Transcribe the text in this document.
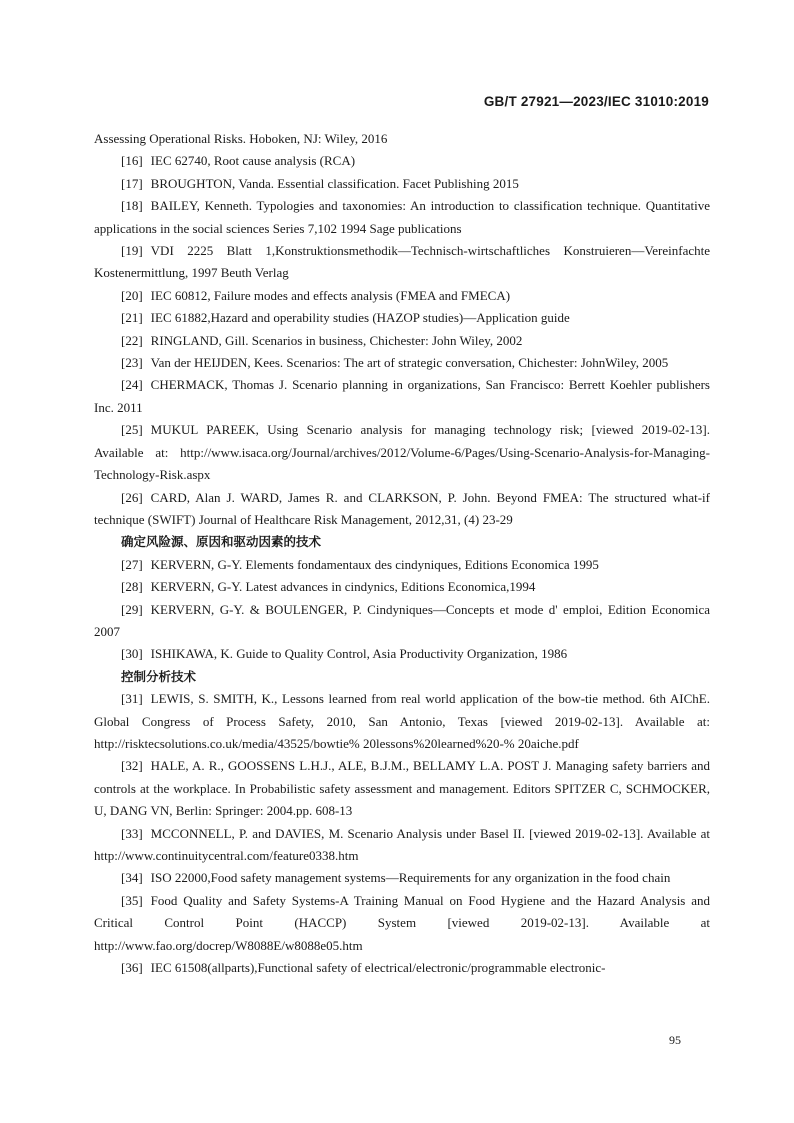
GB/T 27921—2023/IEC 31010:2019

Assessing Operational Risks. Hoboken, NJ: Wiley, 2016

[16] IEC 62740, Root cause analysis (RCA)

[17] BROUGHTON, Vanda. Essential classification. Facet Publishing 2015

[18] BAILEY, Kenneth. Typologies and taxonomies: An introduction to classification technique. Quantitative applications in the social sciences Series 7,102 1994 Sage publications

[19] VDI 2225 Blatt 1,Konstruktionsmethodik—Technisch-wirtschaftliches Konstruieren—Vereinfachte Kostenermittlung, 1997 Beuth Verlag

[20] IEC 60812, Failure modes and effects analysis (FMEA and FMECA)

[21] IEC 61882,Hazard and operability studies (HAZOP studies)—Application guide

[22] RINGLAND, Gill. Scenarios in business, Chichester: John Wiley, 2002

[23] Van der HEIJDEN, Kees. Scenarios: The art of strategic conversation, Chichester: JohnWiley, 2005

[24] CHERMACK, Thomas J. Scenario planning in organizations, San Francisco: Berrett Koehler publishers Inc. 2011

[25] MUKUL PAREEK, Using Scenario analysis for managing technology risk; [viewed 2019-02-13]. Available at: http://www.isaca.org/Journal/archives/2012/Volume-6/Pages/Using-Scenario-Analysis-for-Managing-Technology-Risk.aspx

[26] CARD, Alan J. WARD, James R. and CLARKSON, P. John. Beyond FMEA: The structured what-if technique (SWIFT) Journal of Healthcare Risk Management, 2012,31, (4) 23-29

确定风险源、原因和驱动因素的技术

[27] KERVERN, G-Y. Elements fondamentaux des cindyniques, Editions Economica 1995

[28] KERVERN, G-Y. Latest advances in cindynics, Editions Economica,1994

[29] KERVERN, G-Y. & BOULENGER, P. Cindyniques—Concepts et mode d' emploi, Edition Economica 2007

[30] ISHIKAWA, K. Guide to Quality Control, Asia Productivity Organization, 1986

控制分析技术

[31] LEWIS, S. SMITH, K., Lessons learned from real world application of the bow-tie method. 6th AIChE. Global Congress of Process Safety, 2010, San Antonio, Texas [viewed 2019-02-13]. Available at: http://risktecsolutions.co.uk/media/43525/bowtie% 20lessons%20learned%20-% 20aiche.pdf

[32] HALE, A. R., GOOSSENS L.H.J., ALE, B.J.M., BELLAMY L.A. POST J. Managing safety barriers and controls at the workplace. In Probabilistic safety assessment and management. Editors SPITZER C, SCHMOCKER, U, DANG VN, Berlin: Springer: 2004.pp. 608-13

[33] MCCONNELL, P. and DAVIES, M. Scenario Analysis under Basel II. [viewed 2019-02-13]. Available at http://www.continuitycentral.com/feature0338.htm

[34] ISO 22000,Food safety management systems—Requirements for any organization in the food chain

[35] Food Quality and Safety Systems-A Training Manual on Food Hygiene and the Hazard Analysis and Critical Control Point (HACCP) System [viewed 2019-02-13]. Available at http://www.fao.org/docrep/W8088E/w8088e05.htm

[36] IEC 61508(allparts),Functional safety of electrical/electronic/programmable electronic-

95
